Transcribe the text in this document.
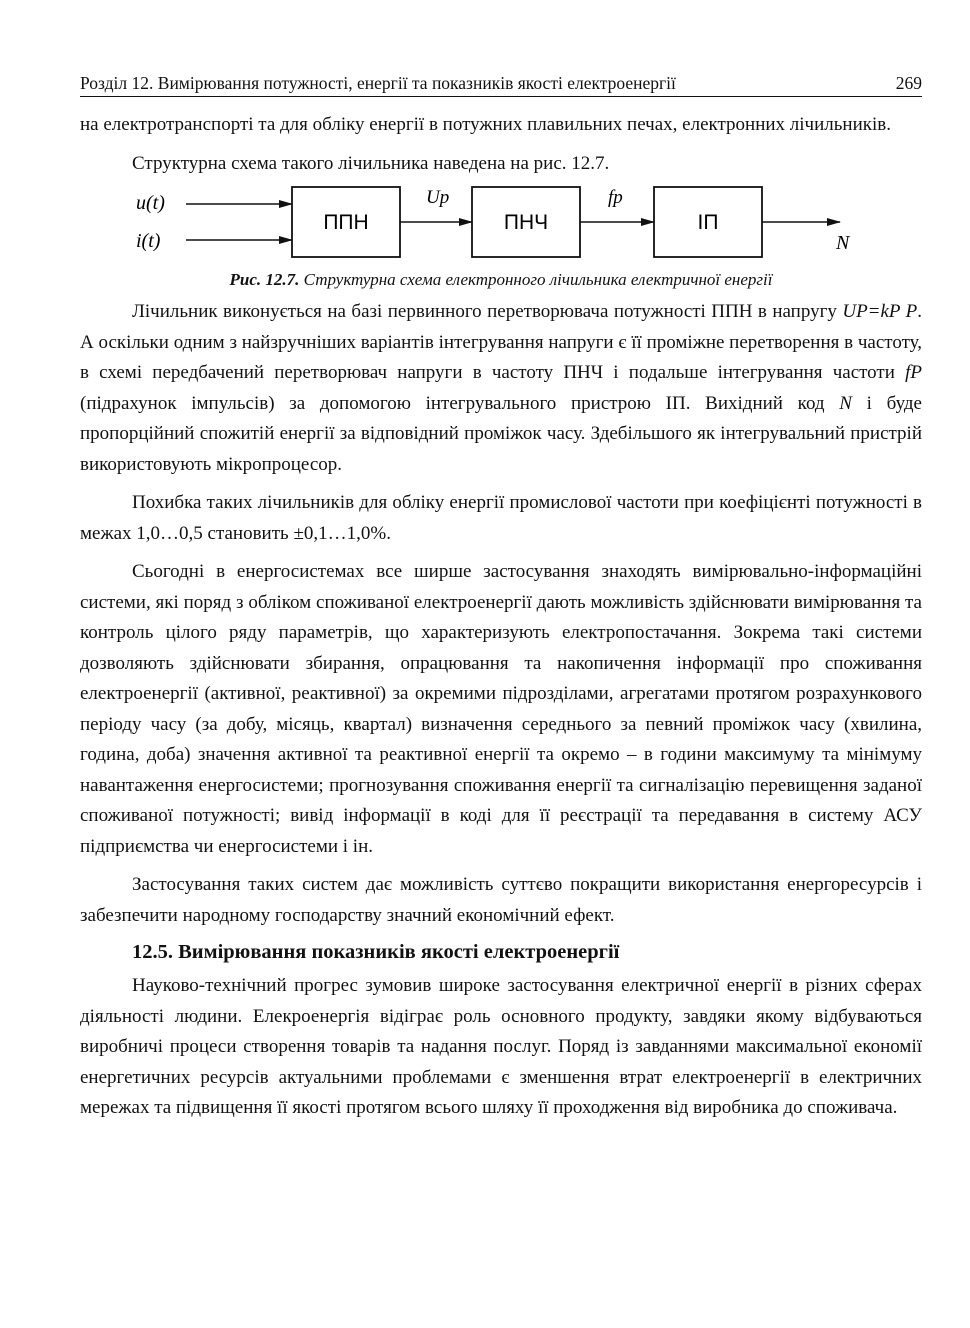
Розділ 12. Вимірювання потужності, енергії та показників якості електроенергії	269

на електротранспорті та для обліку енергії в потужних плавильних печах, електронних лічильників.

Структурна схема такого лічильника наведена на рис. 12.7.

u(t)
i(t)
ППН
Up
ПНЧ
fp
ІП
N
Рис. 12.7. Структурна схема електронного лічильника електричної енергії

Лічильник виконується на базі первинного перетворювача потужності ППН в напругу UP=kP P. А оскільки одним з найзручніших варіантів інтегрування напруги є її проміжне перетворення в частоту, в схемі передбачений перетворювач напруги в частоту ПНЧ і подальше інтегрування частоти fP (підрахунок імпульсів) за допомогою інтегрувального пристрою ІП. Вихідний код N і буде пропорційний спожитій енергії за відповідний проміжок часу. Здебільшого як інтегрувальний пристрій використовують мікропроцесор.

Похибка таких лічильників для обліку енергії промислової частоти при коефіцієнті потужності в межах 1,0…0,5 становить ±0,1…1,0%.

Сьогодні в енергосистемах все ширше застосування знаходять вимірювально-інформаційні системи, які поряд з обліком споживаної електроенергії дають можливість здійснювати вимірювання та контроль цілого ряду параметрів, що характеризують електропостачання. Зокрема такі системи дозволяють здійснювати збирання, опрацювання та накопичення інформації про споживання електроенергії (активної, реактивної) за окремими підрозділами, агрегатами протягом розрахункового періоду часу (за добу, місяць, квартал) визначення середнього за певний проміжок часу (хвилина, година, доба) значення активної та реактивної енергії та окремо – в години максимуму та мінімуму навантаження енергосистеми; прогнозування споживання енергії та сигналізацію перевищення заданої споживаної потужності; вивід інформації в коді для її реєстрації та передавання в систему АСУ підприємства чи енергосистеми і ін.

Застосування таких систем дає можливість суттєво покращити використання енергоресурсів і забезпечити народному господарству значний економічний ефект.

12.5. Вимірювання показників якості електроенергії

Науково-технічний прогрес зумовив широке застосування електричної енергії в різних сферах діяльності людини. Елекроенергія відіграє роль основного продукту, завдяки якому відбуваються виробничі процеси створення товарів та надання послуг. Поряд із завданнями максимальної економії енергетичних ресурсів актуальними проблемами є зменшення втрат електроенергії в електричних мережах та підвищення її якості протягом всього шляху її проходження від виробника до споживача.
